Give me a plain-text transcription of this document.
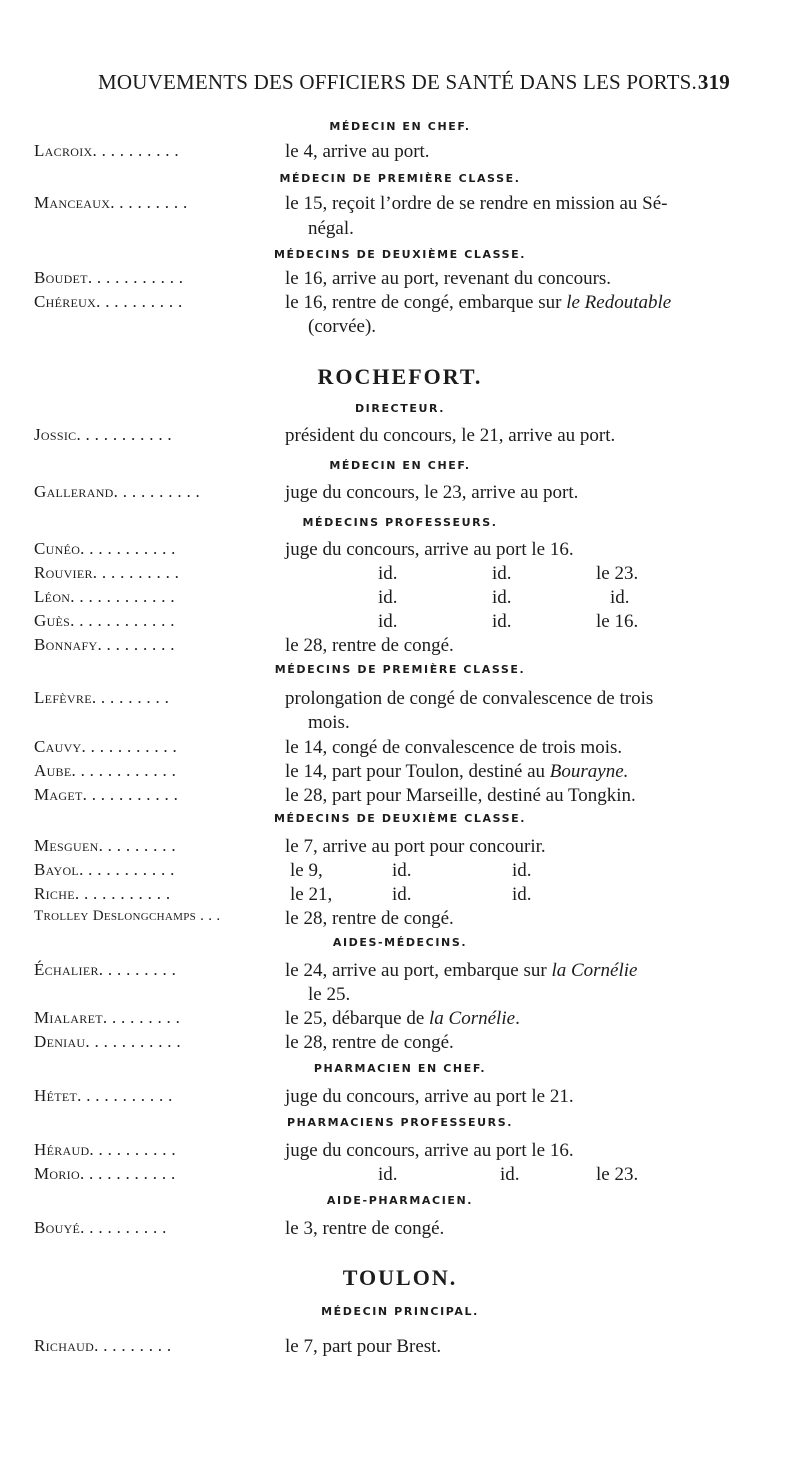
MOUVEMENTS DES OFFICIERS DE SANTÉ DANS LES PORTS. 319
MÉDECIN EN CHEF.
Lacroix. . . . . . . . . .	le 4, arrive au port.
MÉDECIN DE PREMIÈRE CLASSE.
Manceaux. . . . . . . . .	le 15, reçoit l’ordre de se rendre en mission au Sé-
négal.
MÉDECINS DE DEUXIÈME CLASSE.
Boudet. . . . . . . . . . .	le 16, arrive au port, revenant du concours.
Chéreux. . . . . . . . . .	le 16, rentre de congé, embarque sur le Redoutable
(corvée).
ROCHEFORT.
DIRECTEUR.
Jossic. . . . . . . . . . .	président du concours, le 21, arrive au port.
MÉDECIN EN CHEF.
Gallerand. . . . . . . . . .	juge du concours, le 23, arrive au port.
MÉDECINS PROFESSEURS.
Cunéo. . . . . . . . . . .	juge du concours, arrive au port le 16.
Rouvier. . . . . . . . . .	id.	id.	le 23.
Léon. . . . . . . . . . . .	id.	id.	id.
Guès. . . . . . . . . . . .	id.	id.	le 16.
Bonnafy. . . . . . . . .	le 28, rentre de congé.
MÉDECINS DE PREMIÈRE CLASSE.
Lefèvre. . . . . . . . .	prolongation de congé de convalescence de trois
mois.
Cauvy. . . . . . . . . . .	le 14, congé de convalescence de trois mois.
Aube. . . . . . . . . . . .	le 14, part pour Toulon, destiné au Bourayne.
Maget. . . . . . . . . . .	le 28, part pour Marseille, destiné au Tongkin.
MÉDECINS DE DEUXIÈME CLASSE.
Mesguen. . . . . . . . .	le 7, arrive au port pour concourir.
Bayol. . . . . . . . . . .	le 9,	id.	id.
Riche. . . . . . . . . . .	le 21,	id.	id.
Trolley Deslongchamps . . .	le 28, rentre de congé.
AIDES-MÉDECINS.
Échalier. . . . . . . . .	le 24, arrive au port, embarque sur la Cornélie
le 25.
Mialaret. . . . . . . . .	le 25, débarque de la Cornélie.
Deniau. . . . . . . . . . .	le 28, rentre de congé.
PHARMACIEN EN CHEF.
Hétet. . . . . . . . . . .	juge du concours, arrive au port le 21.
PHARMACIENS PROFESSEURS.
Héraud. . . . . . . . . .	juge du concours, arrive au port le 16.
Morio. . . . . . . . . . .	id.	id.	le 23.
AIDE-PHARMACIEN.
Bouyé. . . . . . . . . .	le 3, rentre de congé.
TOULON.
MÉDECIN PRINCIPAL.
Richaud. . . . . . . . .	le 7, part pour Brest.
